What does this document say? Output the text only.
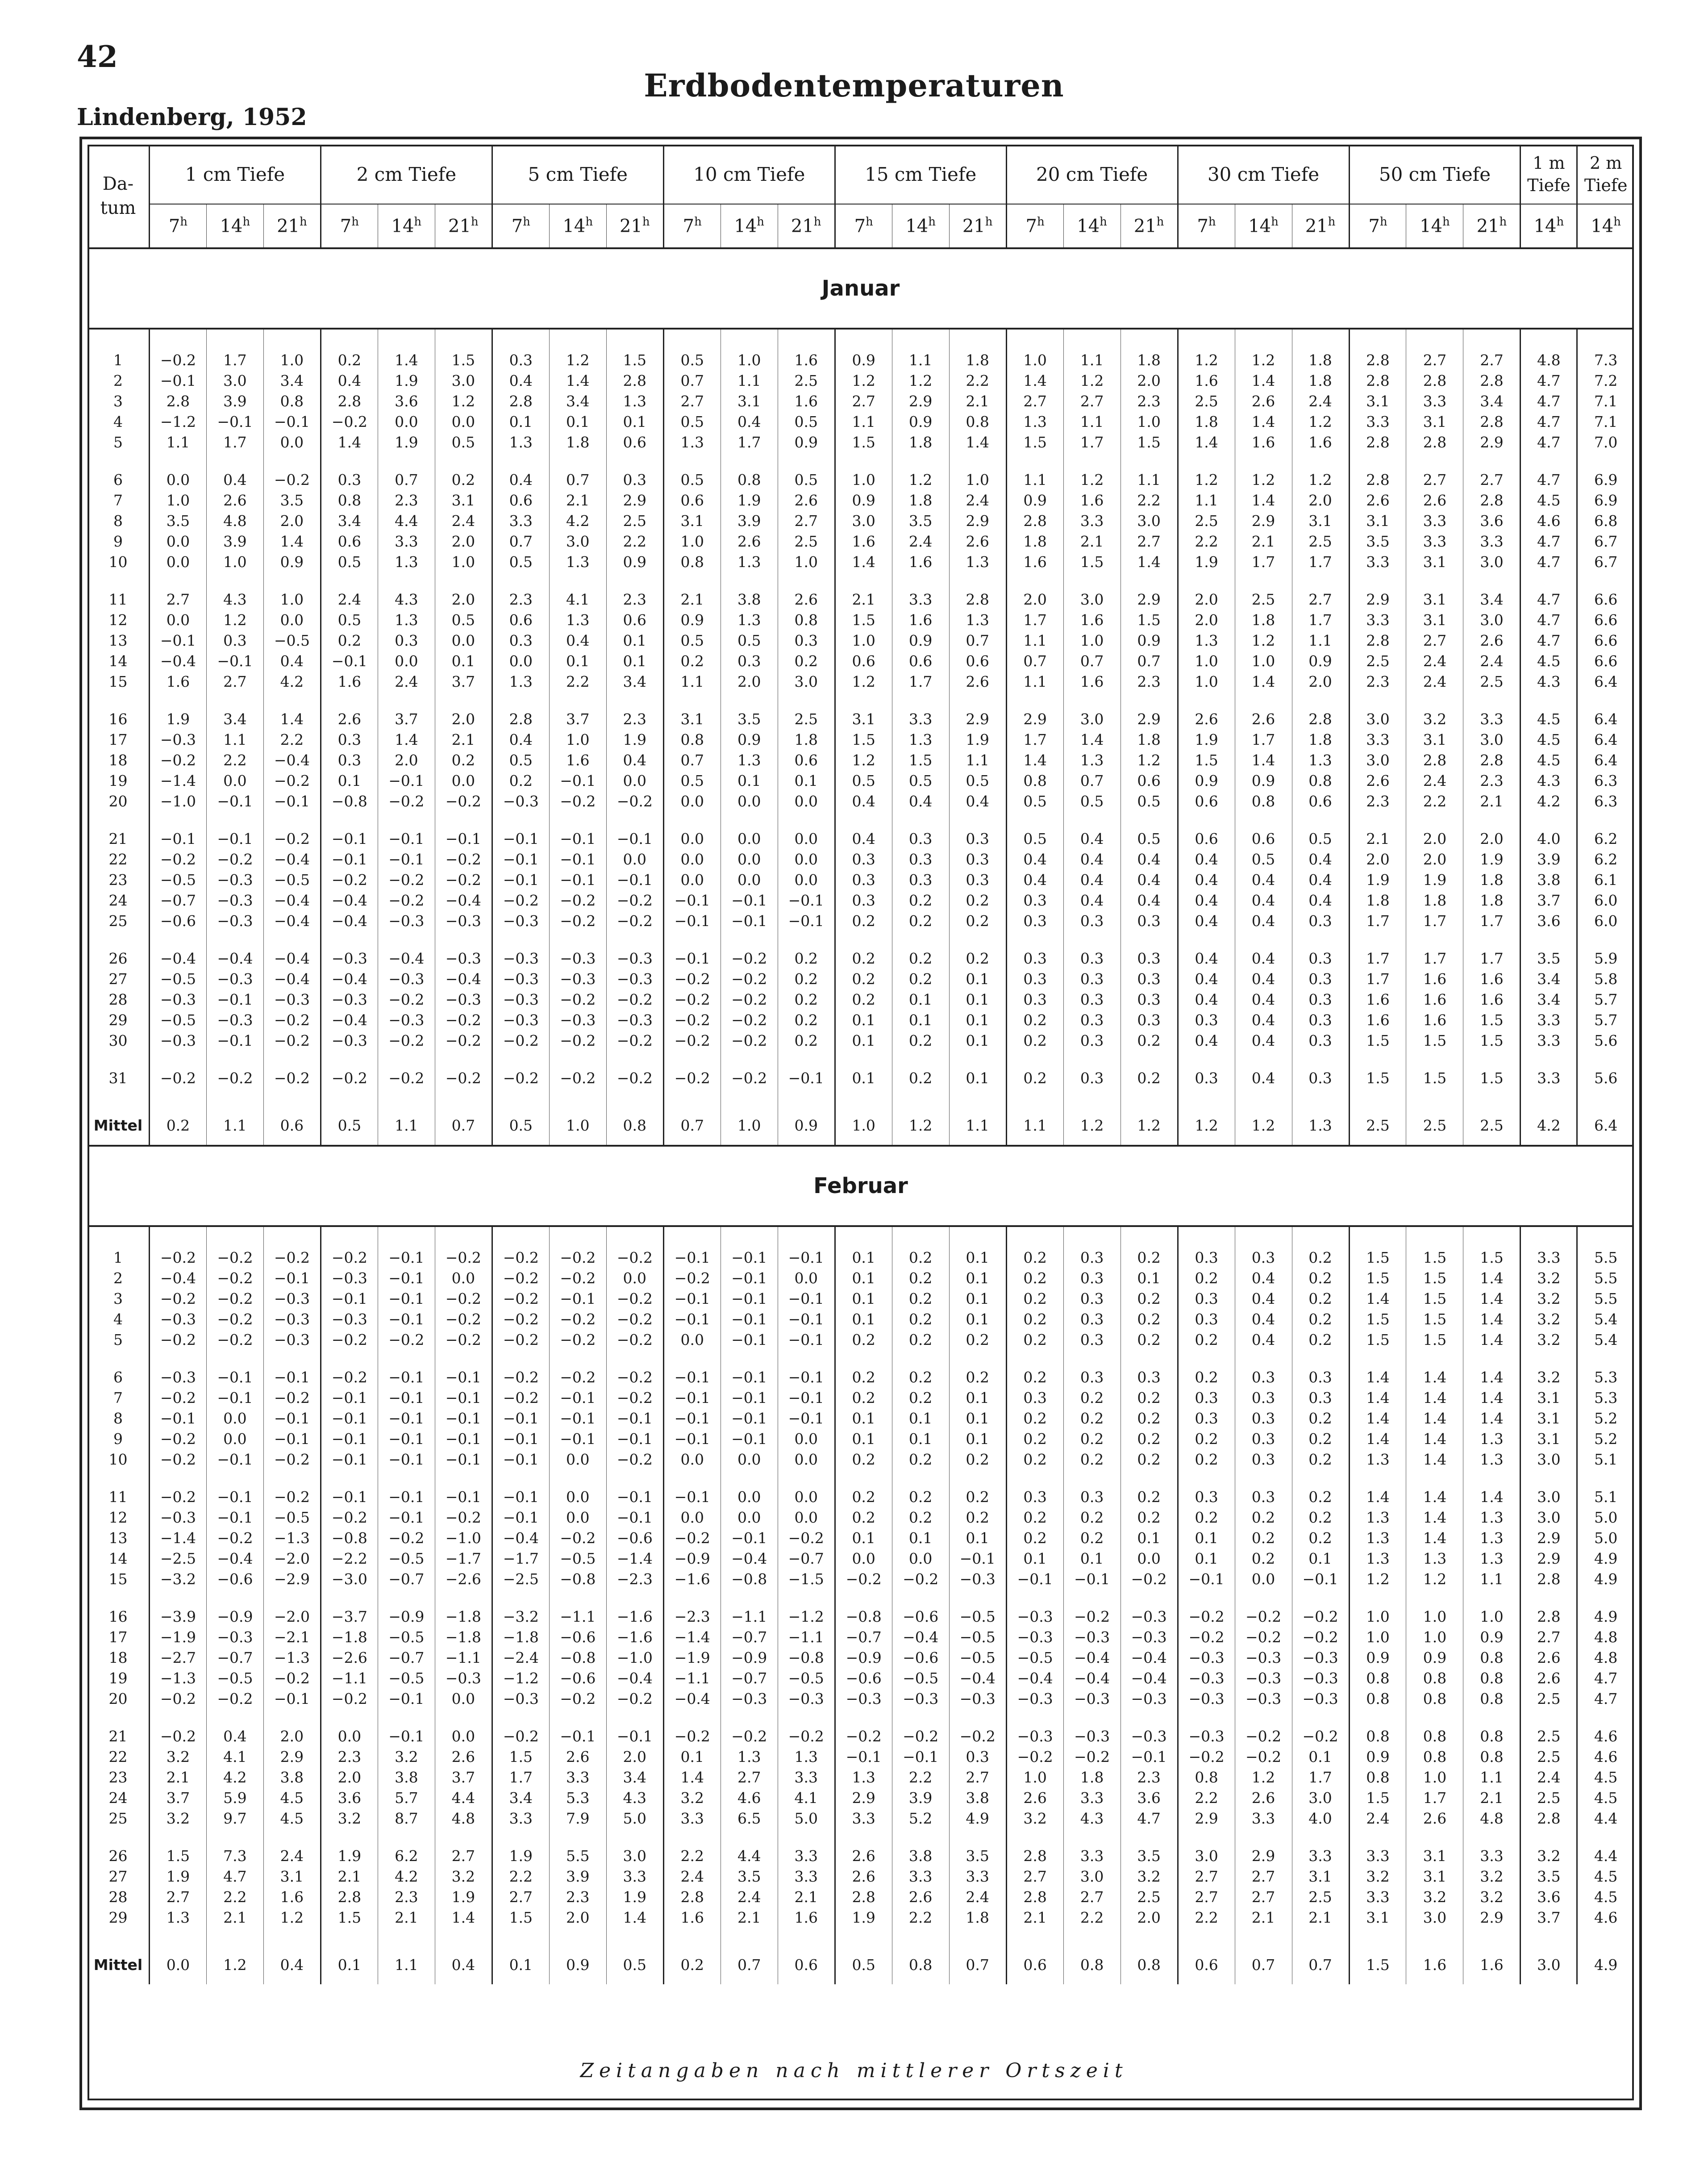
42
Erdbodentemperaturen
Lindenberg, 1952
Da-
tum	1 cm Tiefe			2 cm Tiefe			5 cm Tiefe			10 cm Tiefe			15 cm Tiefe			20 cm Tiefe			30 cm Tiefe			50 cm Tiefe			1 m
Tiefe	2 m
Tiefe
	7$^h$	14$^h$	21$^h$	7$^h$	14$^h$	21$^h$	7$^h$	14$^h$	21$^h$	7$^h$	14$^h$	21$^h$	7$^h$	14$^h$	21$^h$	7$^h$	14$^h$	21$^h$	7$^h$	14$^h$	21$^h$	7$^h$	14$^h$	21$^h$	14$^h$	14$^h$
Januar																										

1	−0.2	1.7	1.0	0.2	1.4	1.5	0.3	1.2	1.5	0.5	1.0	1.6	0.9	1.1	1.8	1.0	1.1	1.8	1.2	1.2	1.8	2.8	2.7	2.7	4.8	7.3
2	−0.1	3.0	3.4	0.4	1.9	3.0	0.4	1.4	2.8	0.7	1.1	2.5	1.2	1.2	2.2	1.4	1.2	2.0	1.6	1.4	1.8	2.8	2.8	2.8	4.7	7.2
3	2.8	3.9	0.8	2.8	3.6	1.2	2.8	3.4	1.3	2.7	3.1	1.6	2.7	2.9	2.1	2.7	2.7	2.3	2.5	2.6	2.4	3.1	3.3	3.4	4.7	7.1
4	−1.2	−0.1	−0.1	−0.2	0.0	0.0	0.1	0.1	0.1	0.5	0.4	0.5	1.1	0.9	0.8	1.3	1.1	1.0	1.8	1.4	1.2	3.3	3.1	2.8	4.7	7.1
5	1.1	1.7	0.0	1.4	1.9	0.5	1.3	1.8	0.6	1.3	1.7	0.9	1.5	1.8	1.4	1.5	1.7	1.5	1.4	1.6	1.6	2.8	2.8	2.9	4.7	7.0

6	0.0	0.4	−0.2	0.3	0.7	0.2	0.4	0.7	0.3	0.5	0.8	0.5	1.0	1.2	1.0	1.1	1.2	1.1	1.2	1.2	1.2	2.8	2.7	2.7	4.7	6.9
7	1.0	2.6	3.5	0.8	2.3	3.1	0.6	2.1	2.9	0.6	1.9	2.6	0.9	1.8	2.4	0.9	1.6	2.2	1.1	1.4	2.0	2.6	2.6	2.8	4.5	6.9
8	3.5	4.8	2.0	3.4	4.4	2.4	3.3	4.2	2.5	3.1	3.9	2.7	3.0	3.5	2.9	2.8	3.3	3.0	2.5	2.9	3.1	3.1	3.3	3.6	4.6	6.8
9	0.0	3.9	1.4	0.6	3.3	2.0	0.7	3.0	2.2	1.0	2.6	2.5	1.6	2.4	2.6	1.8	2.1	2.7	2.2	2.1	2.5	3.5	3.3	3.3	4.7	6.7
10	0.0	1.0	0.9	0.5	1.3	1.0	0.5	1.3	0.9	0.8	1.3	1.0	1.4	1.6	1.3	1.6	1.5	1.4	1.9	1.7	1.7	3.3	3.1	3.0	4.7	6.7

11	2.7	4.3	1.0	2.4	4.3	2.0	2.3	4.1	2.3	2.1	3.8	2.6	2.1	3.3	2.8	2.0	3.0	2.9	2.0	2.5	2.7	2.9	3.1	3.4	4.7	6.6
12	0.0	1.2	0.0	0.5	1.3	0.5	0.6	1.3	0.6	0.9	1.3	0.8	1.5	1.6	1.3	1.7	1.6	1.5	2.0	1.8	1.7	3.3	3.1	3.0	4.7	6.6
13	−0.1	0.3	−0.5	0.2	0.3	0.0	0.3	0.4	0.1	0.5	0.5	0.3	1.0	0.9	0.7	1.1	1.0	0.9	1.3	1.2	1.1	2.8	2.7	2.6	4.7	6.6
14	−0.4	−0.1	0.4	−0.1	0.0	0.1	0.0	0.1	0.1	0.2	0.3	0.2	0.6	0.6	0.6	0.7	0.7	0.7	1.0	1.0	0.9	2.5	2.4	2.4	4.5	6.6
15	1.6	2.7	4.2	1.6	2.4	3.7	1.3	2.2	3.4	1.1	2.0	3.0	1.2	1.7	2.6	1.1	1.6	2.3	1.0	1.4	2.0	2.3	2.4	2.5	4.3	6.4

16	1.9	3.4	1.4	2.6	3.7	2.0	2.8	3.7	2.3	3.1	3.5	2.5	3.1	3.3	2.9	2.9	3.0	2.9	2.6	2.6	2.8	3.0	3.2	3.3	4.5	6.4
17	−0.3	1.1	2.2	0.3	1.4	2.1	0.4	1.0	1.9	0.8	0.9	1.8	1.5	1.3	1.9	1.7	1.4	1.8	1.9	1.7	1.8	3.3	3.1	3.0	4.5	6.4
18	−0.2	2.2	−0.4	0.3	2.0	0.2	0.5	1.6	0.4	0.7	1.3	0.6	1.2	1.5	1.1	1.4	1.3	1.2	1.5	1.4	1.3	3.0	2.8	2.8	4.5	6.4
19	−1.4	0.0	−0.2	0.1	−0.1	0.0	0.2	−0.1	0.0	0.5	0.1	0.1	0.5	0.5	0.5	0.8	0.7	0.6	0.9	0.9	0.8	2.6	2.4	2.3	4.3	6.3
20	−1.0	−0.1	−0.1	−0.8	−0.2	−0.2	−0.3	−0.2	−0.2	0.0	0.0	0.0	0.4	0.4	0.4	0.5	0.5	0.5	0.6	0.8	0.6	2.3	2.2	2.1	4.2	6.3

21	−0.1	−0.1	−0.2	−0.1	−0.1	−0.1	−0.1	−0.1	−0.1	0.0	0.0	0.0	0.4	0.3	0.3	0.5	0.4	0.5	0.6	0.6	0.5	2.1	2.0	2.0	4.0	6.2
22	−0.2	−0.2	−0.4	−0.1	−0.1	−0.2	−0.1	−0.1	0.0	0.0	0.0	0.0	0.3	0.3	0.3	0.4	0.4	0.4	0.4	0.5	0.4	2.0	2.0	1.9	3.9	6.2
23	−0.5	−0.3	−0.5	−0.2	−0.2	−0.2	−0.1	−0.1	−0.1	0.0	0.0	0.0	0.3	0.3	0.3	0.4	0.4	0.4	0.4	0.4	0.4	1.9	1.9	1.8	3.8	6.1
24	−0.7	−0.3	−0.4	−0.4	−0.2	−0.4	−0.2	−0.2	−0.2	−0.1	−0.1	−0.1	0.3	0.2	0.2	0.3	0.4	0.4	0.4	0.4	0.4	1.8	1.8	1.8	3.7	6.0
25	−0.6	−0.3	−0.4	−0.4	−0.3	−0.3	−0.3	−0.2	−0.2	−0.1	−0.1	−0.1	0.2	0.2	0.2	0.3	0.3	0.3	0.4	0.4	0.3	1.7	1.7	1.7	3.6	6.0

26	−0.4	−0.4	−0.4	−0.3	−0.4	−0.3	−0.3	−0.3	−0.3	−0.1	−0.2	0.2	0.2	0.2	0.2	0.3	0.3	0.3	0.4	0.4	0.3	1.7	1.7	1.7	3.5	5.9
27	−0.5	−0.3	−0.4	−0.4	−0.3	−0.4	−0.3	−0.3	−0.3	−0.2	−0.2	0.2	0.2	0.2	0.1	0.3	0.3	0.3	0.4	0.4	0.3	1.7	1.6	1.6	3.4	5.8
28	−0.3	−0.1	−0.3	−0.3	−0.2	−0.3	−0.3	−0.2	−0.2	−0.2	−0.2	0.2	0.2	0.1	0.1	0.3	0.3	0.3	0.4	0.4	0.3	1.6	1.6	1.6	3.4	5.7
29	−0.5	−0.3	−0.2	−0.4	−0.3	−0.2	−0.3	−0.3	−0.3	−0.2	−0.2	0.2	0.1	0.1	0.1	0.2	0.3	0.3	0.3	0.4	0.3	1.6	1.6	1.5	3.3	5.7
30	−0.3	−0.1	−0.2	−0.3	−0.2	−0.2	−0.2	−0.2	−0.2	−0.2	−0.2	0.2	0.1	0.2	0.1	0.2	0.3	0.2	0.4	0.4	0.3	1.5	1.5	1.5	3.3	5.6

31	−0.2	−0.2	−0.2	−0.2	−0.2	−0.2	−0.2	−0.2	−0.2	−0.2	−0.2	−0.1	0.1	0.2	0.1	0.2	0.3	0.2	0.3	0.4	0.3	1.5	1.5	1.5	3.3	5.6

Mittel	0.2	1.1	0.6	0.5	1.1	0.7	0.5	1.0	0.8	0.7	1.0	0.9	1.0	1.2	1.1	1.1	1.2	1.2	1.2	1.2	1.3	2.5	2.5	2.5	4.2	6.4
Februar																										

1	−0.2	−0.2	−0.2	−0.2	−0.1	−0.2	−0.2	−0.2	−0.2	−0.1	−0.1	−0.1	0.1	0.2	0.1	0.2	0.3	0.2	0.3	0.3	0.2	1.5	1.5	1.5	3.3	5.5
2	−0.4	−0.2	−0.1	−0.3	−0.1	0.0	−0.2	−0.2	0.0	−0.2	−0.1	0.0	0.1	0.2	0.1	0.2	0.3	0.1	0.2	0.4	0.2	1.5	1.5	1.4	3.2	5.5
3	−0.2	−0.2	−0.3	−0.1	−0.1	−0.2	−0.2	−0.1	−0.2	−0.1	−0.1	−0.1	0.1	0.2	0.1	0.2	0.3	0.2	0.3	0.4	0.2	1.4	1.5	1.4	3.2	5.5
4	−0.3	−0.2	−0.3	−0.3	−0.1	−0.2	−0.2	−0.2	−0.2	−0.1	−0.1	−0.1	0.1	0.2	0.1	0.2	0.3	0.2	0.3	0.4	0.2	1.5	1.5	1.4	3.2	5.4
5	−0.2	−0.2	−0.3	−0.2	−0.2	−0.2	−0.2	−0.2	−0.2	0.0	−0.1	−0.1	0.2	0.2	0.2	0.2	0.3	0.2	0.2	0.4	0.2	1.5	1.5	1.4	3.2	5.4

6	−0.3	−0.1	−0.1	−0.2	−0.1	−0.1	−0.2	−0.2	−0.2	−0.1	−0.1	−0.1	0.2	0.2	0.2	0.2	0.3	0.3	0.2	0.3	0.3	1.4	1.4	1.4	3.2	5.3
7	−0.2	−0.1	−0.2	−0.1	−0.1	−0.1	−0.2	−0.1	−0.2	−0.1	−0.1	−0.1	0.2	0.2	0.1	0.3	0.2	0.2	0.3	0.3	0.3	1.4	1.4	1.4	3.1	5.3
8	−0.1	0.0	−0.1	−0.1	−0.1	−0.1	−0.1	−0.1	−0.1	−0.1	−0.1	−0.1	0.1	0.1	0.1	0.2	0.2	0.2	0.3	0.3	0.2	1.4	1.4	1.4	3.1	5.2
9	−0.2	0.0	−0.1	−0.1	−0.1	−0.1	−0.1	−0.1	−0.1	−0.1	−0.1	0.0	0.1	0.1	0.1	0.2	0.2	0.2	0.2	0.3	0.2	1.4	1.4	1.3	3.1	5.2
10	−0.2	−0.1	−0.2	−0.1	−0.1	−0.1	−0.1	0.0	−0.2	0.0	0.0	0.0	0.2	0.2	0.2	0.2	0.2	0.2	0.2	0.3	0.2	1.3	1.4	1.3	3.0	5.1

11	−0.2	−0.1	−0.2	−0.1	−0.1	−0.1	−0.1	0.0	−0.1	−0.1	0.0	0.0	0.2	0.2	0.2	0.3	0.3	0.2	0.3	0.3	0.2	1.4	1.4	1.4	3.0	5.1
12	−0.3	−0.1	−0.5	−0.2	−0.1	−0.2	−0.1	0.0	−0.1	0.0	0.0	0.0	0.2	0.2	0.2	0.2	0.2	0.2	0.2	0.2	0.2	1.3	1.4	1.3	3.0	5.0
13	−1.4	−0.2	−1.3	−0.8	−0.2	−1.0	−0.4	−0.2	−0.6	−0.2	−0.1	−0.2	0.1	0.1	0.1	0.2	0.2	0.1	0.1	0.2	0.2	1.3	1.4	1.3	2.9	5.0
14	−2.5	−0.4	−2.0	−2.2	−0.5	−1.7	−1.7	−0.5	−1.4	−0.9	−0.4	−0.7	0.0	0.0	−0.1	0.1	0.1	0.0	0.1	0.2	0.1	1.3	1.3	1.3	2.9	4.9
15	−3.2	−0.6	−2.9	−3.0	−0.7	−2.6	−2.5	−0.8	−2.3	−1.6	−0.8	−1.5	−0.2	−0.2	−0.3	−0.1	−0.1	−0.2	−0.1	0.0	−0.1	1.2	1.2	1.1	2.8	4.9

16	−3.9	−0.9	−2.0	−3.7	−0.9	−1.8	−3.2	−1.1	−1.6	−2.3	−1.1	−1.2	−0.8	−0.6	−0.5	−0.3	−0.2	−0.3	−0.2	−0.2	−0.2	1.0	1.0	1.0	2.8	4.9
17	−1.9	−0.3	−2.1	−1.8	−0.5	−1.8	−1.8	−0.6	−1.6	−1.4	−0.7	−1.1	−0.7	−0.4	−0.5	−0.3	−0.3	−0.3	−0.2	−0.2	−0.2	1.0	1.0	0.9	2.7	4.8
18	−2.7	−0.7	−1.3	−2.6	−0.7	−1.1	−2.4	−0.8	−1.0	−1.9	−0.9	−0.8	−0.9	−0.6	−0.5	−0.5	−0.4	−0.4	−0.3	−0.3	−0.3	0.9	0.9	0.8	2.6	4.8
19	−1.3	−0.5	−0.2	−1.1	−0.5	−0.3	−1.2	−0.6	−0.4	−1.1	−0.7	−0.5	−0.6	−0.5	−0.4	−0.4	−0.4	−0.4	−0.3	−0.3	−0.3	0.8	0.8	0.8	2.6	4.7
20	−0.2	−0.2	−0.1	−0.2	−0.1	0.0	−0.3	−0.2	−0.2	−0.4	−0.3	−0.3	−0.3	−0.3	−0.3	−0.3	−0.3	−0.3	−0.3	−0.3	−0.3	0.8	0.8	0.8	2.5	4.7

21	−0.2	0.4	2.0	0.0	−0.1	0.0	−0.2	−0.1	−0.1	−0.2	−0.2	−0.2	−0.2	−0.2	−0.2	−0.3	−0.3	−0.3	−0.3	−0.2	−0.2	0.8	0.8	0.8	2.5	4.6
22	3.2	4.1	2.9	2.3	3.2	2.6	1.5	2.6	2.0	0.1	1.3	1.3	−0.1	−0.1	0.3	−0.2	−0.2	−0.1	−0.2	−0.2	0.1	0.9	0.8	0.8	2.5	4.6
23	2.1	4.2	3.8	2.0	3.8	3.7	1.7	3.3	3.4	1.4	2.7	3.3	1.3	2.2	2.7	1.0	1.8	2.3	0.8	1.2	1.7	0.8	1.0	1.1	2.4	4.5
24	3.7	5.9	4.5	3.6	5.7	4.4	3.4	5.3	4.3	3.2	4.6	4.1	2.9	3.9	3.8	2.6	3.3	3.6	2.2	2.6	3.0	1.5	1.7	2.1	2.5	4.5
25	3.2	9.7	4.5	3.2	8.7	4.8	3.3	7.9	5.0	3.3	6.5	5.0	3.3	5.2	4.9	3.2	4.3	4.7	2.9	3.3	4.0	2.4	2.6	4.8	2.8	4.4

26	1.5	7.3	2.4	1.9	6.2	2.7	1.9	5.5	3.0	2.2	4.4	3.3	2.6	3.8	3.5	2.8	3.3	3.5	3.0	2.9	3.3	3.3	3.1	3.3	3.2	4.4
27	1.9	4.7	3.1	2.1	4.2	3.2	2.2	3.9	3.3	2.4	3.5	3.3	2.6	3.3	3.3	2.7	3.0	3.2	2.7	2.7	3.1	3.2	3.1	3.2	3.5	4.5
28	2.7	2.2	1.6	2.8	2.3	1.9	2.7	2.3	1.9	2.8	2.4	2.1	2.8	2.6	2.4	2.8	2.7	2.5	2.7	2.7	2.5	3.3	3.2	3.2	3.6	4.5
29	1.3	2.1	1.2	1.5	2.1	1.4	1.5	2.0	1.4	1.6	2.1	1.6	1.9	2.2	1.8	2.1	2.2	2.0	2.2	2.1	2.1	3.1	3.0	2.9	3.7	4.6

Mittel	0.0	1.2	0.4	0.1	1.1	0.4	0.1	0.9	0.5	0.2	0.7	0.6	0.5	0.8	0.7	0.6	0.8	0.8	0.6	0.7	0.7	1.5	1.6	1.6	3.0	4.9
Zeitangaben nach mittlerer Ortszeit
